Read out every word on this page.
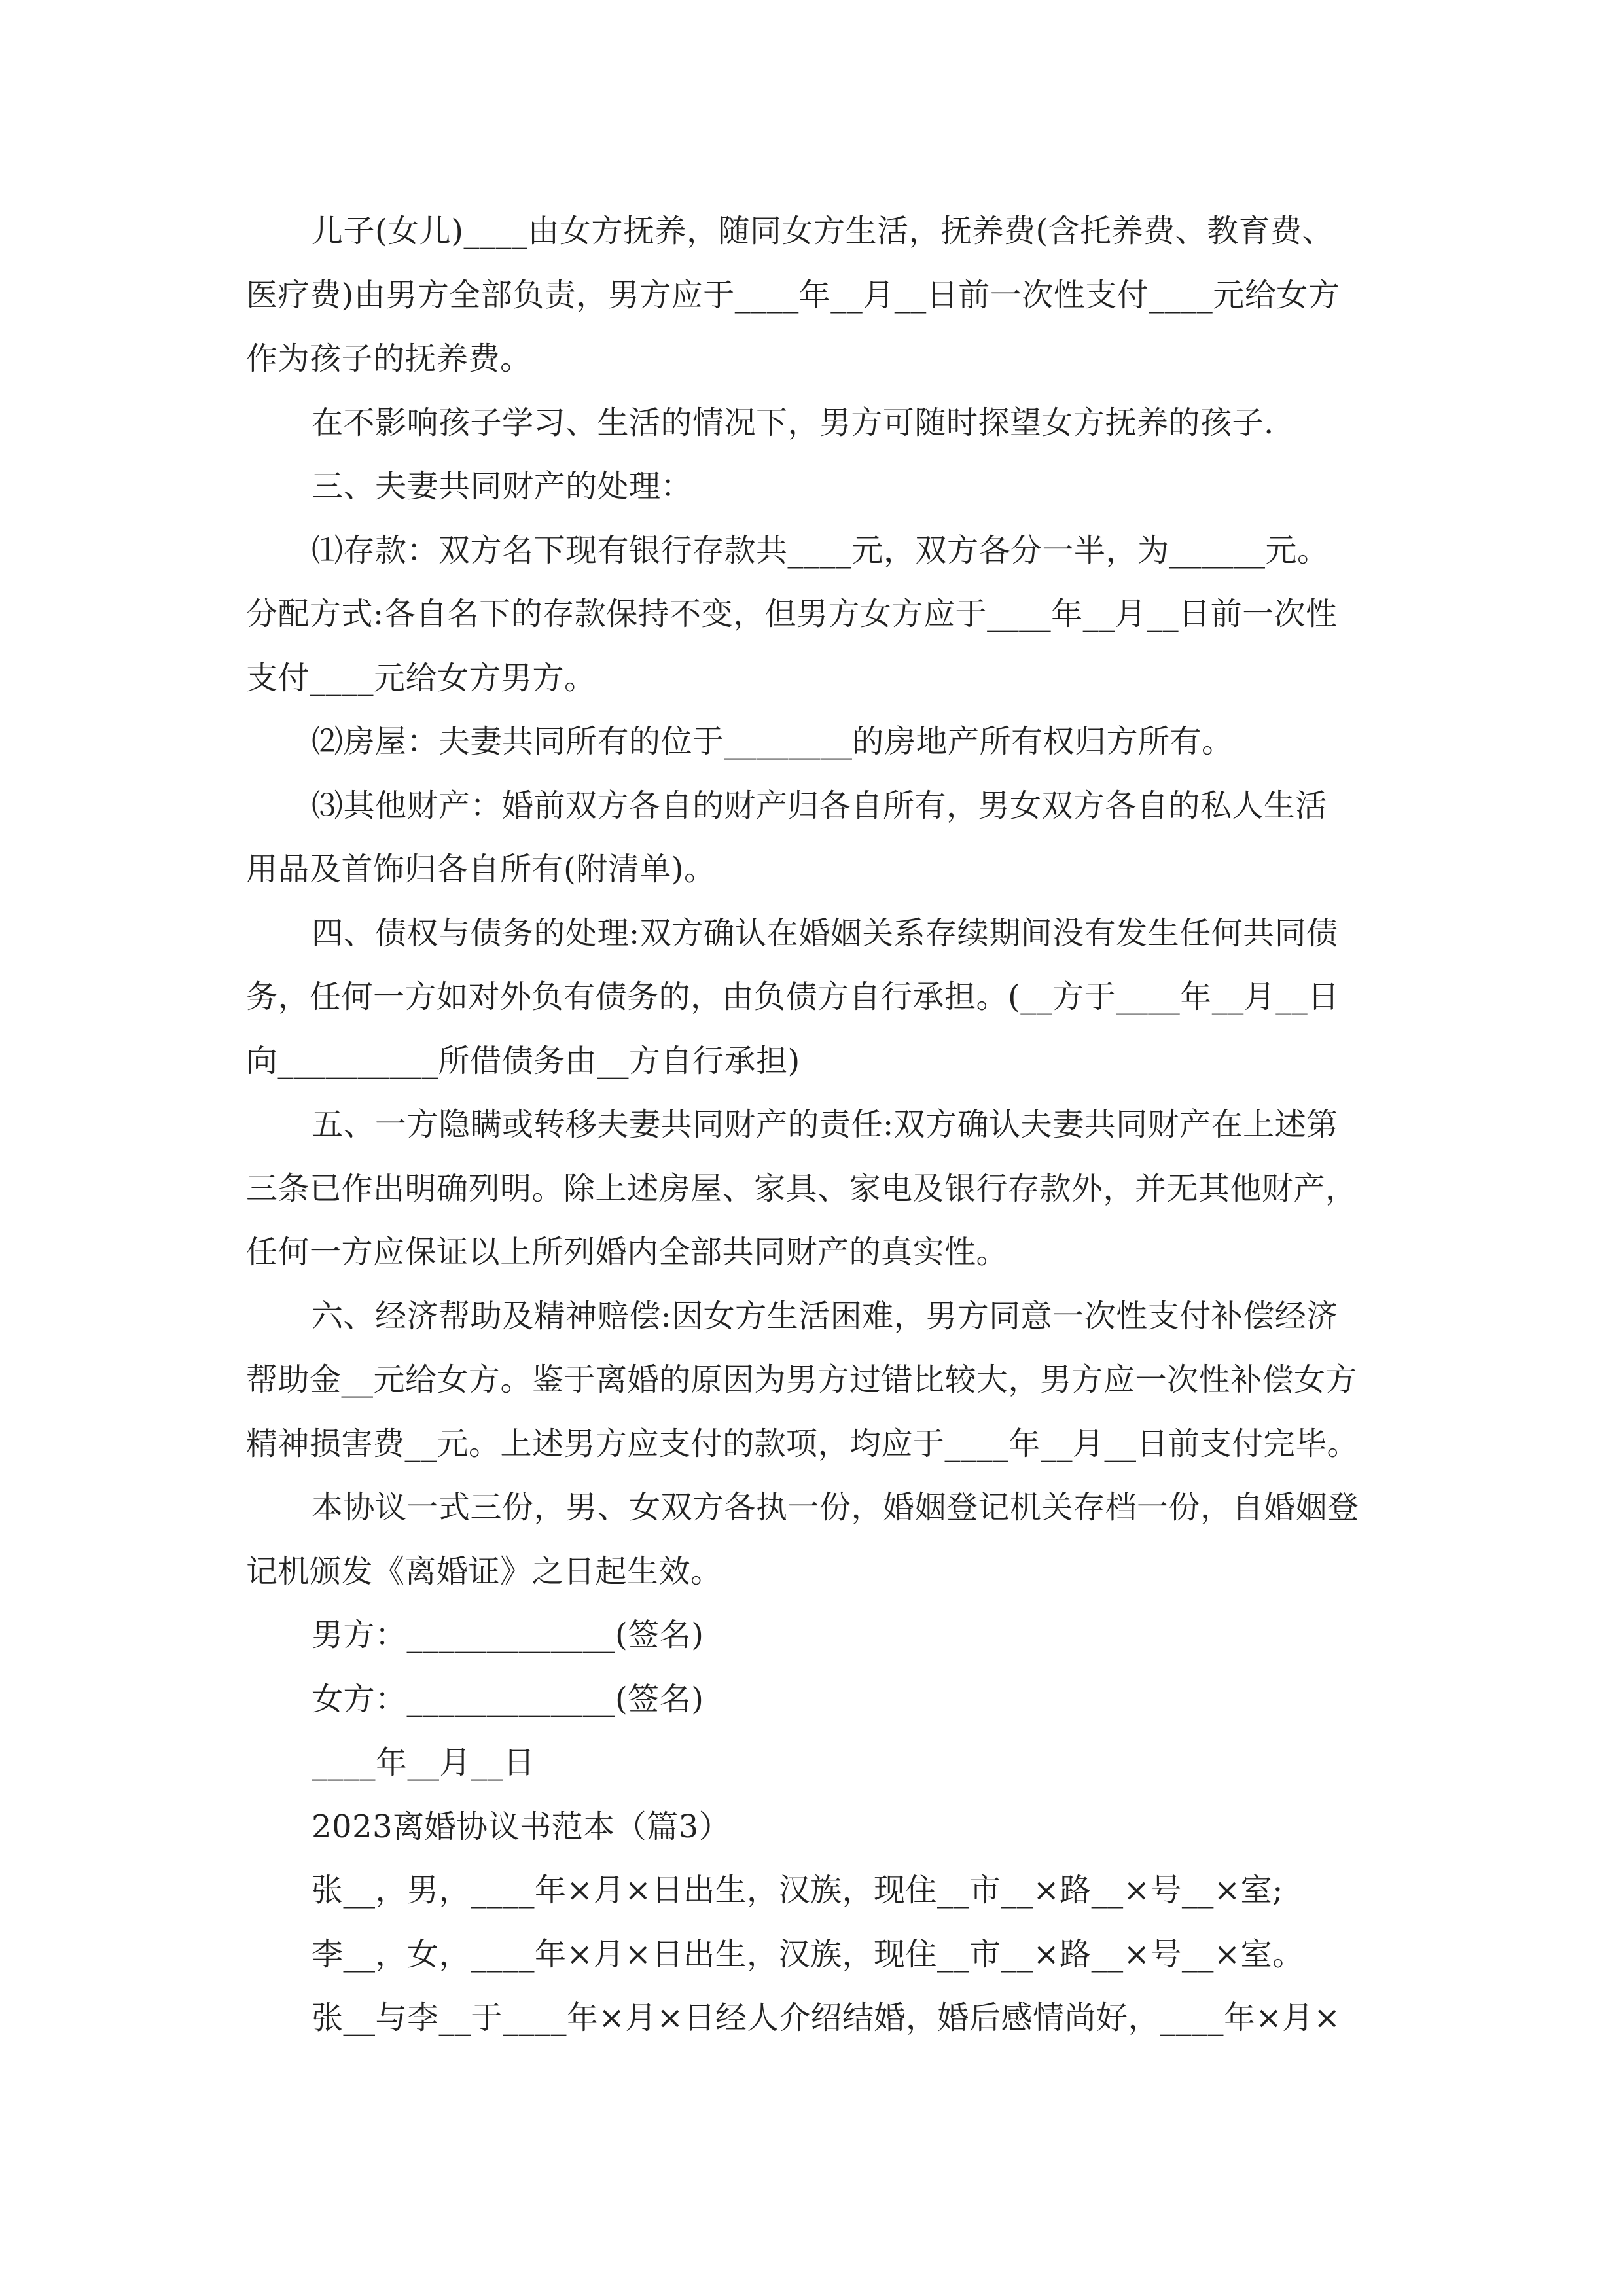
儿子(女儿)____由女方抚养，随同女方生活，抚养费(含托养费、教育费、

医疗费)由男方全部负责，男方应于____年__月__日前一次性支付____元给女方

作为孩子的抚养费。

在不影响孩子学习、生活的情况下，男方可随时探望女方抚养的孩子.

三、夫妻共同财产的处理：

⑴存款：双方名下现有银行存款共____元，双方各分一半，为______元。

分配方式:各自名下的存款保持不变，但男方女方应于____年__月__日前一次性

支付____元给女方男方。

⑵房屋：夫妻共同所有的位于________的房地产所有权归方所有。

⑶其他财产：婚前双方各自的财产归各自所有，男女双方各自的私人生活

用品及首饰归各自所有(附清单)。

四、债权与债务的处理:双方确认在婚姻关系存续期间没有发生任何共同债

务，任何一方如对外负有债务的，由负债方自行承担。(__方于____年__月__日

向__________所借债务由__方自行承担)

五、一方隐瞒或转移夫妻共同财产的责任:双方确认夫妻共同财产在上述第

三条已作出明确列明。除上述房屋、家具、家电及银行存款外，并无其他财产，

任何一方应保证以上所列婚内全部共同财产的真实性。

六、经济帮助及精神赔偿:因女方生活困难，男方同意一次性支付补偿经济

帮助金__元给女方。鉴于离婚的原因为男方过错比较大，男方应一次性补偿女方

精神损害费__元。上述男方应支付的款项，均应于____年__月__日前支付完毕。

本协议一式三份，男、女双方各执一份，婚姻登记机关存档一份，自婚姻登

记机颁发《离婚证》之日起生效。

男方：_____________(签名)

女方：_____________(签名)

____年__月__日

2023离婚协议书范本（篇3）

张__，男，____年×月×日出生，汉族，现住__市__×路__×号__×室;

李__，女，____年×月×日出生，汉族，现住__市__×路__×号__×室。

张__与李__于____年×月×日经人介绍结婚，婚后感情尚好，____年×月×
